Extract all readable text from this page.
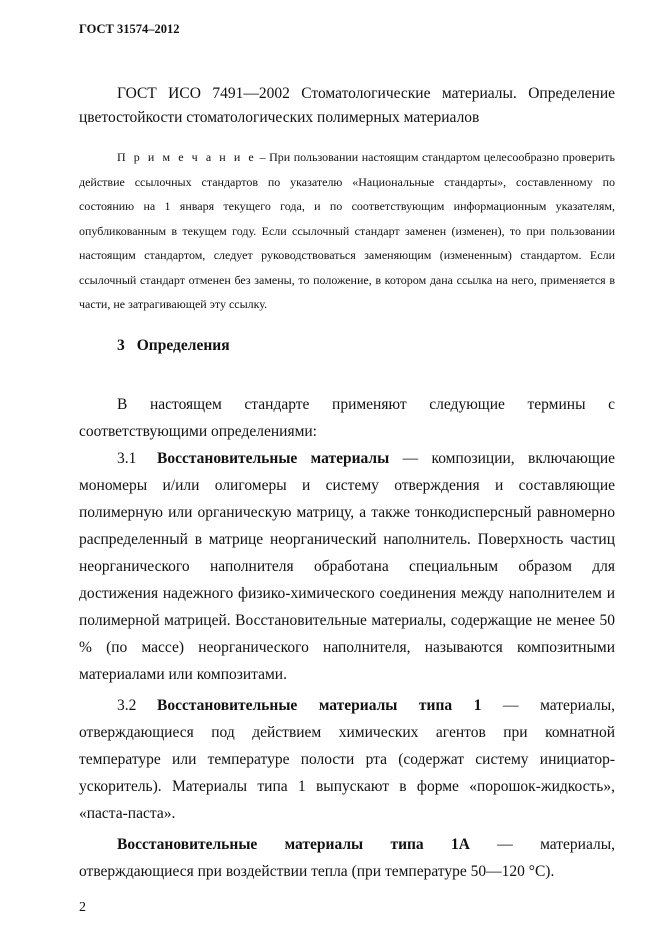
ГОСТ 31574–2012
ГОСТ ИСО 7491—2002 Стоматологические материалы. Определение цветостойкости стоматологических полимерных материалов
П р и м е ч а н и е – При пользовании настоящим стандартом целесообразно проверить действие ссылочных стандартов по указателю «Национальные стандарты», составленному по состоянию на 1 января текущего года, и по соответствующим информационным указателям, опубликованным в текущем году. Если ссылочный стандарт заменен (изменен), то при пользовании настоящим стандартом, следует руководствоваться заменяющим (измененным) стандартом. Если ссылочный стандарт отменен без замены, то положение, в котором дана ссылка на него, применяется в части, не затрагивающей эту ссылку.
3 Определения

В настоящем стандарте применяют следующие термины с соответствующими определениями:

3.1 Восстановительные материалы — композиции, включающие мономеры и/или олигомеры и систему отверждения и составляющие полимерную или органическую матрицу, а также тонкодисперсный равномерно распределенный в матрице неорганический наполнитель. Поверхность частиц неорганического наполнителя обработана специальным образом для достижения надежного физико-химического соединения между наполнителем и полимерной матрицей. Восстановительные материалы, содержащие не менее 50 % (по массе) неорганического наполнителя, называются композитными материалами или композитами.

3.2 Восстановительные материалы типа 1 — материалы, отверждающиеся под действием химических агентов при комнатной температуре или температуре полости рта (содержат систему инициатор-ускоритель). Материалы типа 1 выпускают в форме «порошок-жидкость», «паста-паста».

Восстановительные материалы типа 1А — материалы, отверждающиеся при воздействии тепла (при температуре 50—120 °С).

2
